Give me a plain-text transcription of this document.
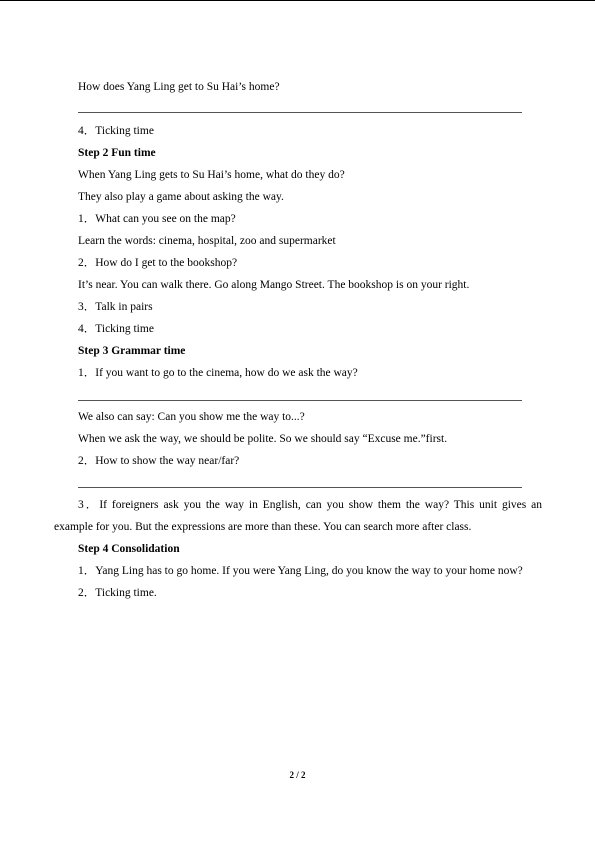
How does Yang Ling get to Su Hai’s home?
4．Ticking time
Step 2 Fun time
When Yang Ling gets to Su Hai’s home, what do they do?
They also play a game about asking the way.
1．What can you see on the map?
Learn the words: cinema, hospital, zoo and supermarket
2．How do I get to the bookshop?
It’s near. You can walk there. Go along Mango Street. The bookshop is on your right.
3．Talk in pairs
4．Ticking time
Step 3 Grammar time
1．If you want to go to the cinema, how do we ask the way?
We also can say: Can you show me the way to...?
When we ask the way, we should be polite. So we should say “Excuse me.”first.
2．How to show the way near/far?
3．If foreigners ask you the way in English, can you show them the way? This unit gives an example for you. But the expressions are more than these. You can search more after class.
Step 4 Consolidation
1．Yang Ling has to go home. If you were Yang Ling, do you know the way to your home now?
2．Ticking time.
2 / 2
